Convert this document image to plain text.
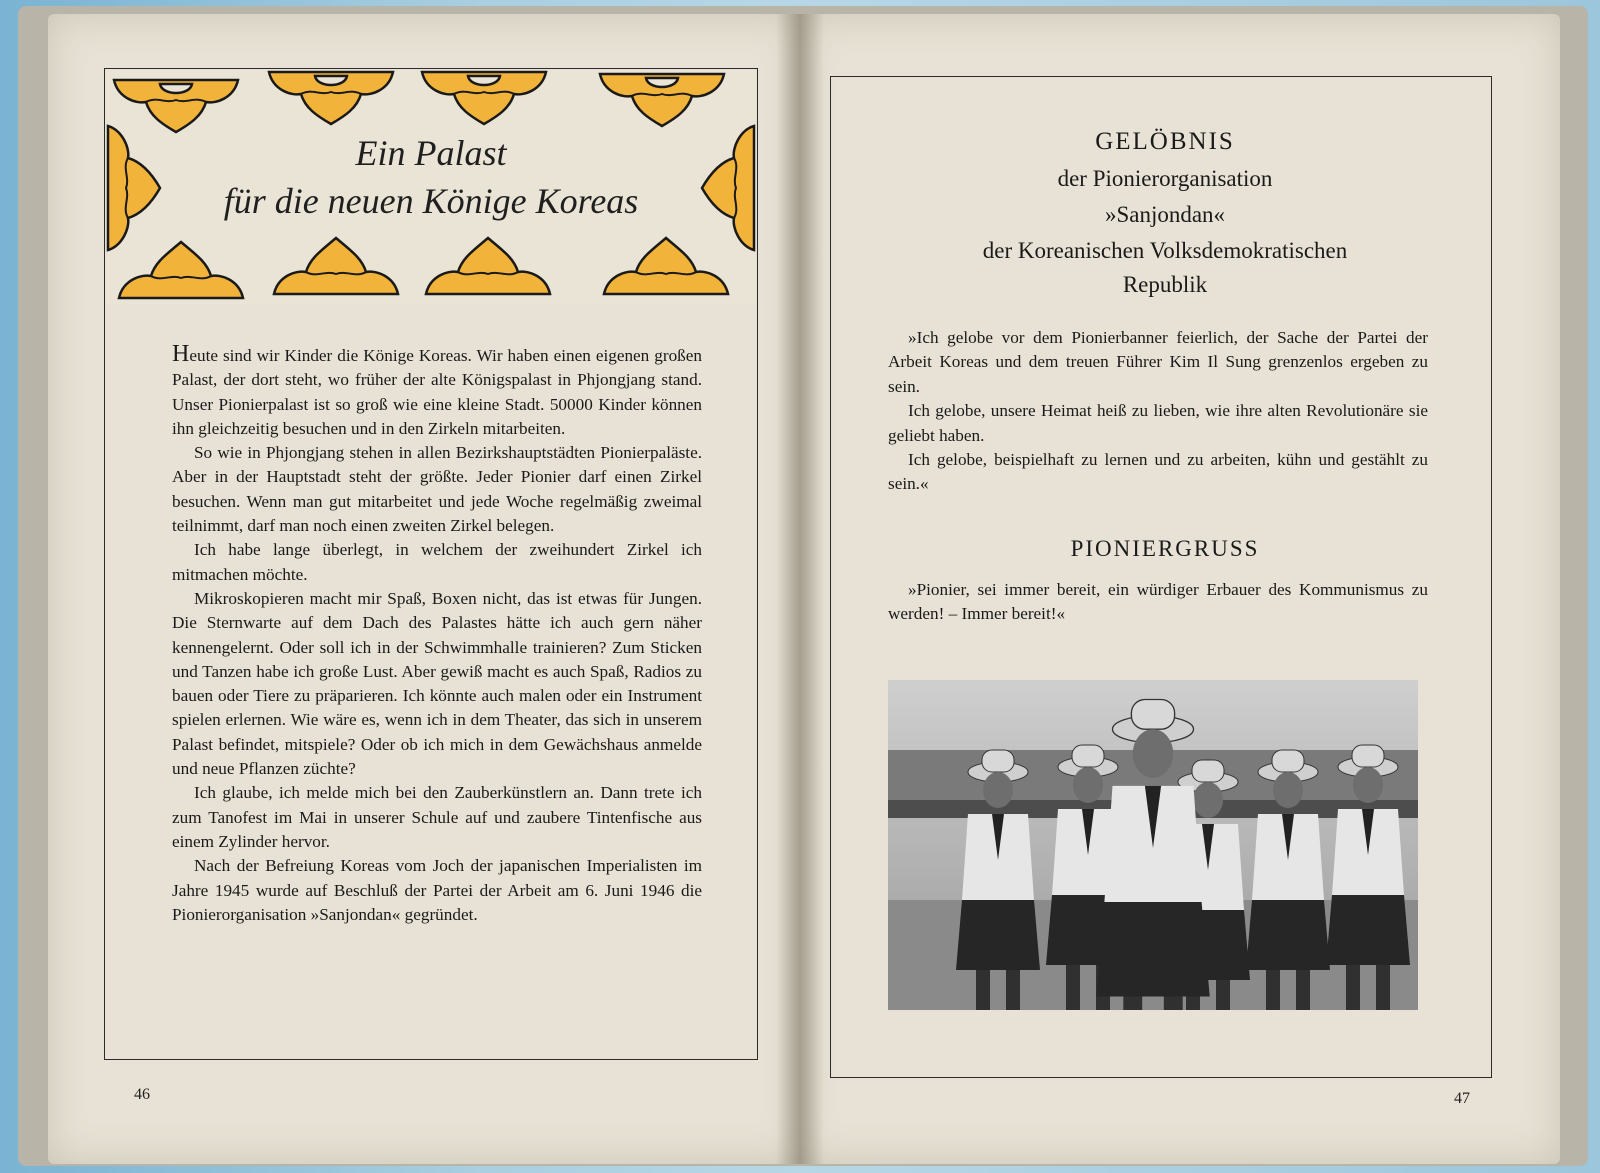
Ein Palast
für die neuen Könige Koreas

Heute sind wir Kinder die Könige Koreas. Wir haben einen eigenen großen Palast, der dort steht, wo früher der alte Königspalast in Phjongjang stand. Unser Pionierpalast ist so groß wie eine kleine Stadt. 50000 Kinder können ihn gleichzeitig besuchen und in den Zirkeln mitarbeiten.

So wie in Phjongjang stehen in allen Bezirkshauptstädten Pionierpaläste. Aber in der Hauptstadt steht der größte. Jeder Pionier darf einen Zirkel besuchen. Wenn man gut mitarbeitet und jede Woche regelmäßig zweimal teilnimmt, darf man noch einen zweiten Zirkel belegen.

Ich habe lange überlegt, in welchem der zweihundert Zirkel ich mitmachen möchte.

Mikroskopieren macht mir Spaß, Boxen nicht, das ist etwas für Jungen. Die Sternwarte auf dem Dach des Palastes hätte ich auch gern näher kennengelernt. Oder soll ich in der Schwimmhalle trainieren? Zum Sticken und Tanzen habe ich große Lust. Aber gewiß macht es auch Spaß, Radios zu bauen oder Tiere zu präparieren. Ich könnte auch malen oder ein Instrument spielen erlernen. Wie wäre es, wenn ich in dem Theater, das sich in unserem Palast befindet, mitspiele? Oder ob ich mich in dem Gewächshaus anmelde und neue Pflanzen züchte?

Ich glaube, ich melde mich bei den Zauberkünstlern an. Dann trete ich zum Tanofest im Mai in unserer Schule auf und zaubere Tintenfische aus einem Zylinder hervor.

Nach der Befreiung Koreas vom Joch der japanischen Imperialisten im Jahre 1945 wurde auf Beschluß der Partei der Arbeit am 6. Juni 1946 die Pionierorganisation »Sanjondan« gegründet.

46
GELÖBNIS
der Pionierorganisation
»Sanjondan«
der Koreanischen Volksdemokratischen
Republik

»Ich gelobe vor dem Pionierbanner feierlich, der Sache der Partei der Arbeit Koreas und dem treuen Führer Kim Il Sung grenzenlos ergeben zu sein.

Ich gelobe, unsere Heimat heiß zu lieben, wie ihre alten Revolutionäre sie geliebt haben.

Ich gelobe, beispielhaft zu lernen und zu arbeiten, kühn und gestählt zu sein.«

PIONIERGRUSS
»Pionier, sei immer bereit, ein würdiger Erbauer des Kommunismus zu werden! – Immer bereit!«
47
